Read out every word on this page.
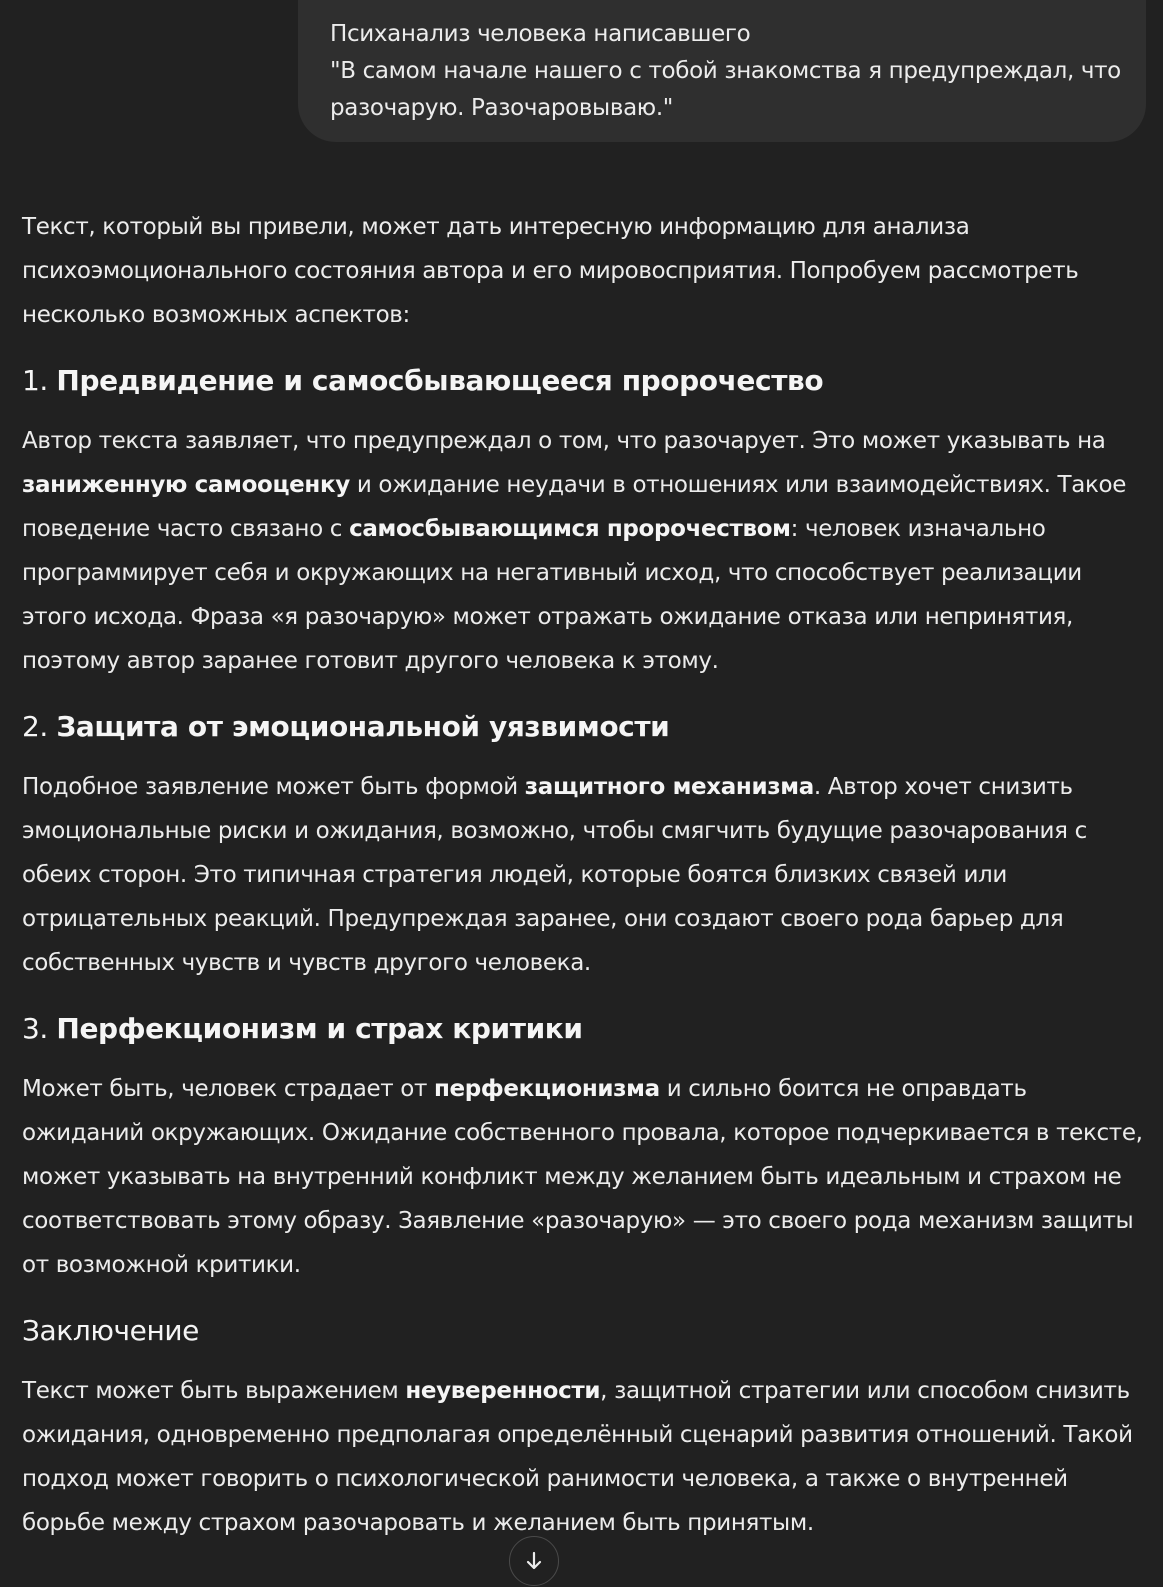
Психанализ человека написавшего
"В самом начале нашего с тобой знакомства я предупреждал, что
разочарую. Разочаровываю."

Текст, который вы привели, может дать интересную информацию для анализа психоэмоционального состояния автора и его мировосприятия. Попробуем рассмотреть несколько возможных аспектов:

1. Предвидение и самосбывающееся пророчество

Автор текста заявляет, что предупреждал о том, что разочарует. Это может указывать на заниженную самооценку и ожидание неудачи в отношениях или взаимодействиях. Такое поведение часто связано с самосбывающимся пророчеством: человек изначально программирует себя и окружающих на негативный исход, что способствует реализации этого исхода. Фраза «я разочарую» может отражать ожидание отказа или непринятия, поэтому автор заранее готовит другого человека к этому.

2. Защита от эмоциональной уязвимости

Подобное заявление может быть формой защитного механизма. Автор хочет снизить эмоциональные риски и ожидания, возможно, чтобы смягчить будущие разочарования с обеих сторон. Это типичная стратегия людей, которые боятся близких связей или отрицательных реакций. Предупреждая заранее, они создают своего рода барьер для собственных чувств и чувств другого человека.

3. Перфекционизм и страх критики

Может быть, человек страдает от перфекционизма и сильно боится не оправдать ожиданий окружающих. Ожидание собственного провала, которое подчеркивается в тексте, может указывать на внутренний конфликт между желанием быть идеальным и страхом не соответствовать этому образу. Заявление «разочарую» — это своего рода механизм защиты от возможной критики.

Заключение

Текст может быть выражением неуверенности, защитной стратегии или способом снизить ожидания, одновременно предполагая определённый сценарий развития отношений. Такой подход может говорить о психологической ранимости человека, а также о внутренней борьбе между страхом разочаровать и желанием быть принятым.
